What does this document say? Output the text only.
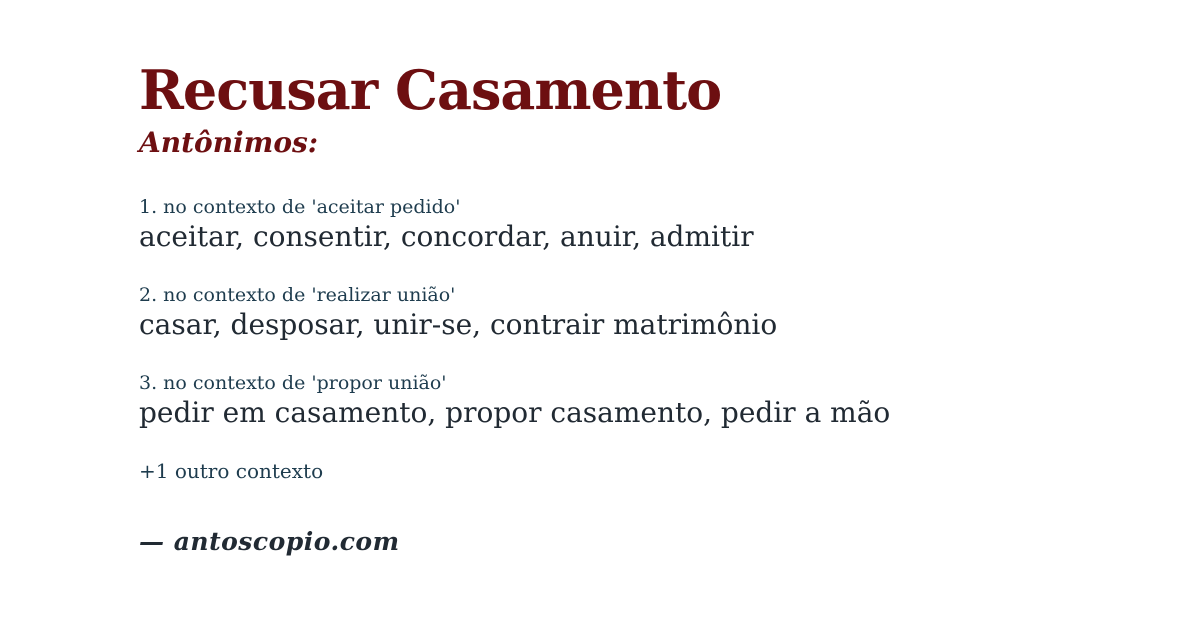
Recusar Casamento
Antônimos:

1. no contexto de 'aceitar pedido'

aceitar, consentir, concordar, anuir, admitir

2. no contexto de 'realizar união'

casar, desposar, unir-se, contrair matrimônio

3. no contexto de 'propor união'

pedir em casamento, propor casamento, pedir a mão

+1 outro contexto

— antoscopio.com
